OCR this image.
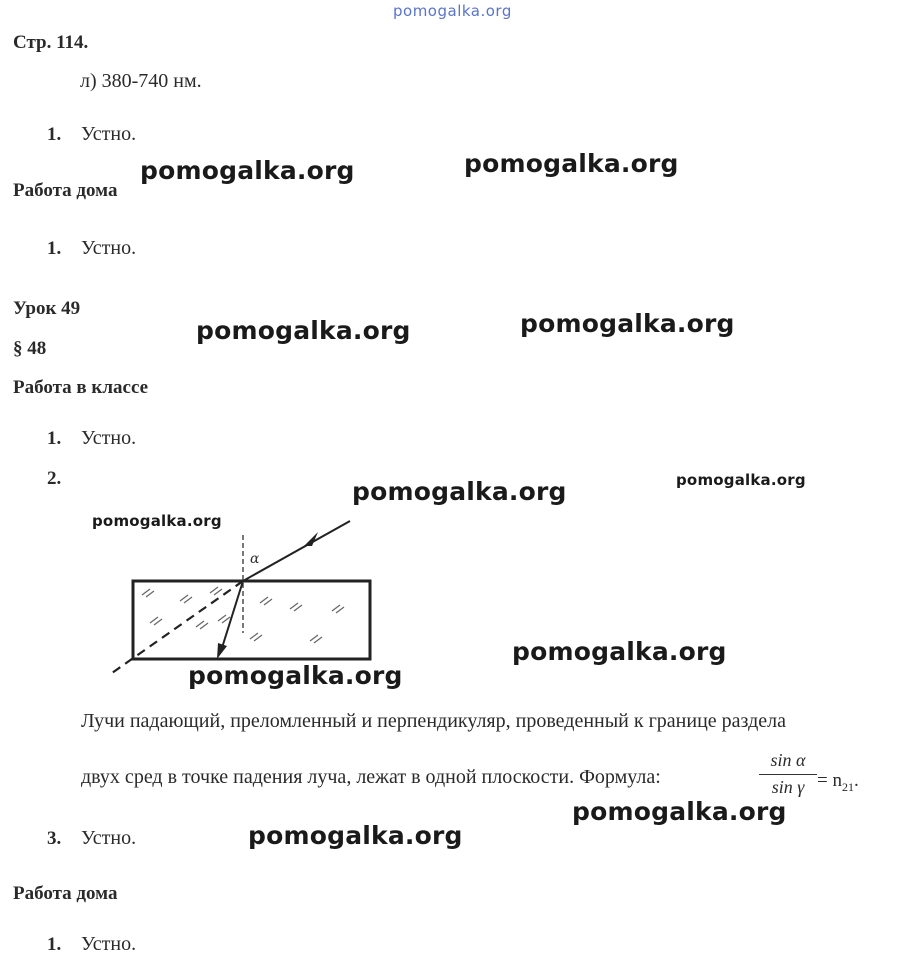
pomogalka.org
Стр. 114.
л) 380-740 нм.
1. Устно.
Работа дома
1. Устно.
Урок 49
§ 48
Работа в классе
1. Устно.
2.
α
Лучи падающий, преломленный и перпендикуляр, проведенный к границе раздела
двух сред в точке падения луча, лежат в одной плоскости. Формула:
sin α
$\sin \gamma = n_{21}$.
3. Устно.
Работа дома
1. Устно.
pomogalka.org	pomogalka.org
pomogalka.org	pomogalka.org
pomogalka.org	pomogalka.org
pomogalka.org
pomogalka.org
pomogalka.org
pomogalka.org
pomogalka.org
